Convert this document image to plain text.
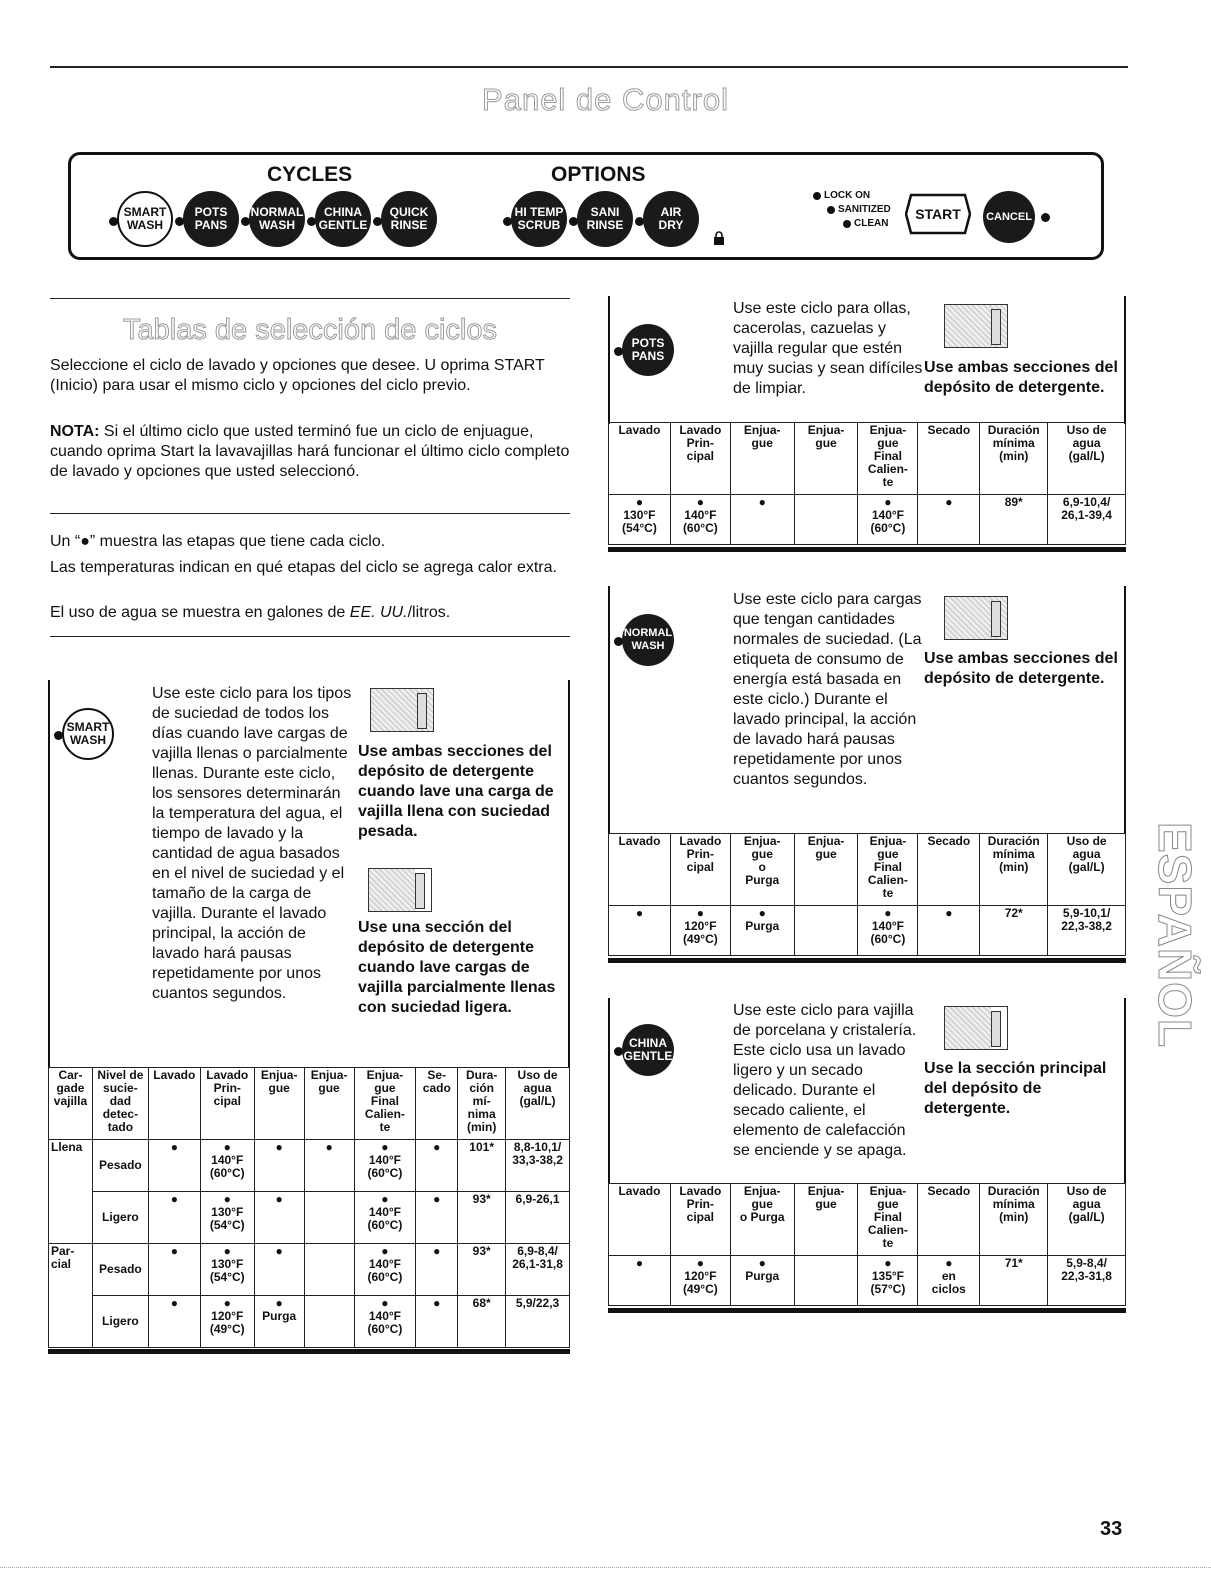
Panel de Control
CYCLES	OPTIONS
SMART
WASH
POTS
PANS
NORMAL
WASH
CHINA
GENTLE
QUICK
RINSE
HI TEMP
SCRUB
SANI
RINSE
AIR
DRY
LOCK ON
SANITIZED
CLEAN
START CANCEL
Tablas de selección de ciclos
Seleccione el ciclo de lavado y opciones que desee. U oprima START (Inicio) para usar el mismo ciclo y opciones del ciclo previo.
NOTA: Si el último ciclo que usted terminó fue un ciclo de enjuague, cuando oprima Start la lavavajillas hará funcionar el último ciclo completo de lavado y opciones que usted seleccionó.
Un “●” muestra las etapas que tiene cada ciclo.
Las temperaturas indican en qué etapas del ciclo se agrega calor extra.
El uso de agua se muestra en galones de EE. UU./litros.
SMART
WASH
Use este ciclo para los tipos de suciedad de todos los días cuando lave cargas de vajilla llenas o parcialmente llenas. Durante este ciclo, los sensores determinarán la temperatura del agua, el tiempo de lavado y la cantidad de agua basados en el nivel de suciedad y el tamaño de la carga de vajilla. Durante el lavado principal, la acción de lavado hará pausas repetidamente por unos cuantos segundos.
Use ambas secciones del depósito de detergente cuando lave una carga de vajilla llena con suciedad pesada.
Use una sección del depósito de detergente cuando lave cargas de vajilla parcialmente llenas con suciedad ligera.
Car-
gade
vajilla	Nivel de
sucie-
dad
detec-
tado	Lavado	Lavado
Prin-
cipal	Enjua-
gue	Enjua-
gue	Enjua-
gue
Final
Calien-
te	Se-
cado	Dura-
ción
mí-
nima
(min)	Uso de
agua
(gal/L)
Llena	Pesado	●	●
140°F
(60°C)	●	●	●
140°F
(60°C)	●	101*	8,8-10,1/
33,3-38,2
	Ligero	●	●
130°F
(54°C)	●		●
140°F
(60°C)	●	93*	6,9-26,1
Par-
cial	Pesado	●	●
130°F
(54°C)	●		●
140°F
(60°C)	●	93*	6,9-8,4/
26,1-31,8
	Ligero	●	●
120°F
(49°C)	●
Purga		●
140°F
(60°C)	●	68*	5,9/22,3
POTS
PANS
Use este ciclo para ollas, cacerolas, cazuelas y vajilla regular que estén muy sucias y sean difíciles de limpiar.
Use ambas secciones del depósito de detergente.
Lavado	Lavado
Prin-
cipal	Enjua-
gue	Enjua-
gue	Enjua-
gue
Final
Calien-
te	Secado	Duración
mínima
(min)	Uso de
agua
(gal/L)
●
130°F
(54°C)	●
140°F
(60°C)	●		●
140°F
(60°C)	●	89*	6,9-10,4/
26,1-39,4
NORMAL
WASH
Use este ciclo para cargas que tengan cantidades normales de suciedad. (La etiqueta de consumo de energía está basada en este ciclo.) Durante el lavado principal, la acción de lavado hará pausas repetidamente por unos cuantos segundos.
Use ambas secciones del depósito de detergente.
Lavado	Lavado
Prin-
cipal	Enjua-
gue
o
Purga	Enjua-
gue	Enjua-
gue
Final
Calien-
te	Secado	Duración
mínima
(min)	Uso de
agua
(gal/L)
●	●
120°F
(49°C)	●
Purga		●
140°F
(60°C)	●	72*	5,9-10,1/
22,3-38,2
CHINA
GENTLE
Use este ciclo para vajilla de porcelana y cristalería. Este ciclo usa un lavado ligero y un secado delicado. Durante el secado caliente, el elemento de calefacción se enciende y se apaga.
Use la sección principal del depósito de detergente.
Lavado	Lavado
Prin-
cipal	Enjua-
gue
o Purga	Enjua-
gue	Enjua-
gue
Final
Calien-
te	Secado	Duración
mínima
(min)	Uso de
agua
(gal/L)
●	●
120°F
(49°C)	●
Purga		●
135°F
(57°C)	●
en
ciclos	71*	5,9-8,4/
22,3-31,8
ESPAÑOL
33
